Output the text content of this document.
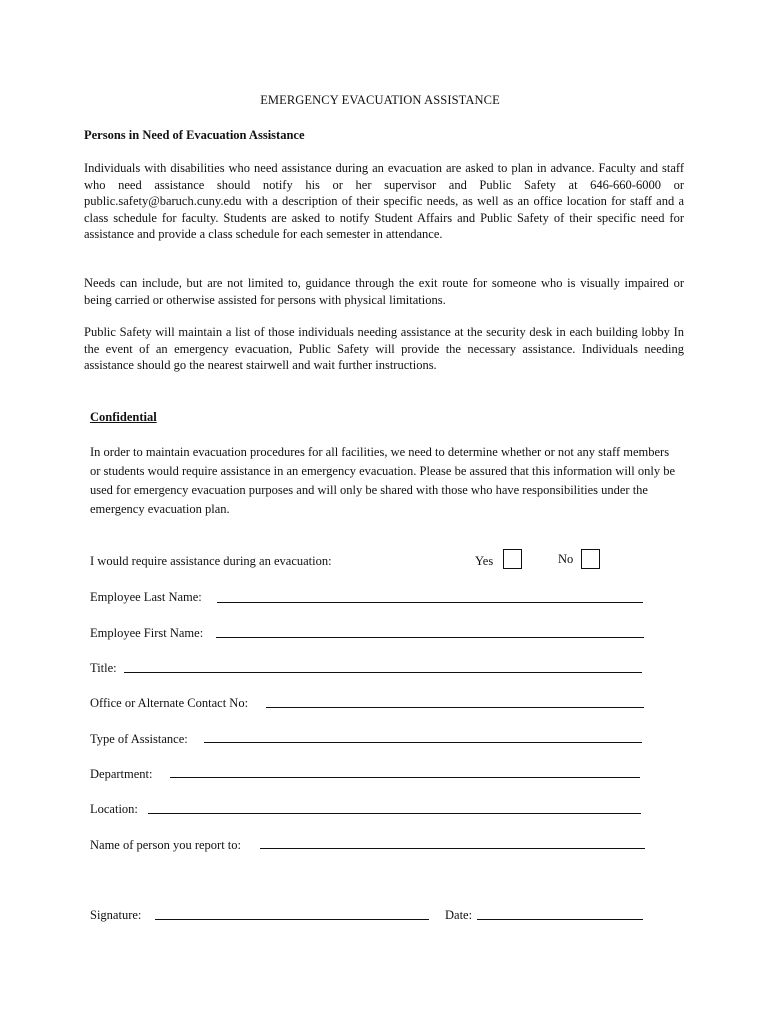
EMERGENCY EVACUATION ASSISTANCE
Persons in Need of Evacuation Assistance
Individuals with disabilities who need assistance during an evacuation are asked to plan in advance. Faculty and staff who need assistance should notify his or her supervisor and Public Safety at 646-660-6000 or public.safety@baruch.cuny.edu with a description of their specific needs, as well as an office location for staff and a class schedule for faculty. Students are asked to notify Student Affairs and Public Safety of their specific need for assistance and provide a class schedule for each semester in attendance.
Needs can include, but are not limited to, guidance through the exit route for someone who is visually impaired or being carried or otherwise assisted for persons with physical limitations.
Public Safety will maintain a list of those individuals needing assistance at the security desk in each building lobby In the event of an emergency evacuation, Public Safety will provide the necessary assistance. Individuals needing assistance should go the nearest stairwell and wait further instructions.
Confidential
In order to maintain evacuation procedures for all facilities, we need to determine whether or not any staff members or students would require assistance in an emergency evacuation. Please be assured that this information will only be used for emergency evacuation purposes and will only be shared with those who have responsibilities under the emergency evacuation plan.
I would require assistance during an evacuation:	Yes	No
Employee Last Name:
Employee First Name:
Title:
Office or Alternate Contact No:
Type of Assistance:
Department:
Location:
Name of person you report to:
Signature:	Date:
